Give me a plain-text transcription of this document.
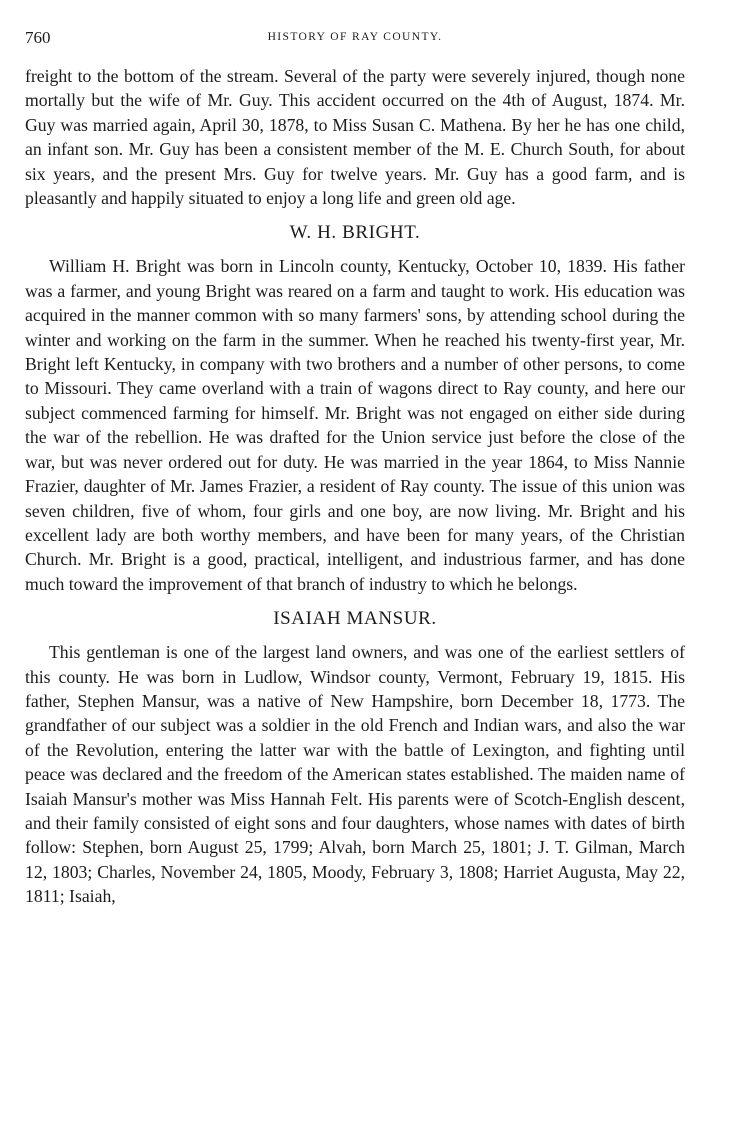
760	HISTORY OF RAY COUNTY.

freight to the bottom of the stream. Several of the party were severely injured, though none mortally but the wife of Mr. Guy. This accident occurred on the 4th of August, 1874. Mr. Guy was married again, April 30, 1878, to Miss Susan C. Mathena. By her he has one child, an infant son. Mr. Guy has been a consistent member of the M. E. Church South, for about six years, and the present Mrs. Guy for twelve years. Mr. Guy has a good farm, and is pleasantly and happily situated to enjoy a long life and green old age.

W. H. BRIGHT.

William H. Bright was born in Lincoln county, Kentucky, October 10, 1839. His father was a farmer, and young Bright was reared on a farm and taught to work. His education was acquired in the manner common with so many farmers' sons, by attending school during the winter and working on the farm in the summer. When he reached his twenty-first year, Mr. Bright left Kentucky, in company with two brothers and a number of other persons, to come to Missouri. They came overland with a train of wagons direct to Ray county, and here our subject commenced farming for himself. Mr. Bright was not engaged on either side during the war of the rebellion. He was drafted for the Union service just before the close of the war, but was never ordered out for duty. He was married in the year 1864, to Miss Nannie Frazier, daughter of Mr. James Frazier, a resident of Ray county. The issue of this union was seven children, five of whom, four girls and one boy, are now living. Mr. Bright and his excellent lady are both worthy members, and have been for many years, of the Christian Church. Mr. Bright is a good, practical, intelligent, and industrious farmer, and has done much toward the improvement of that branch of industry to which he belongs.

ISAIAH MANSUR.

This gentleman is one of the largest land owners, and was one of the earliest settlers of this county. He was born in Ludlow, Windsor county, Vermont, February 19, 1815. His father, Stephen Mansur, was a native of New Hampshire, born December 18, 1773. The grandfather of our subject was a soldier in the old French and Indian wars, and also the war of the Revolution, entering the latter war with the battle of Lexington, and fighting until peace was declared and the freedom of the American states established. The maiden name of Isaiah Mansur's mother was Miss Hannah Felt. His parents were of Scotch-English descent, and their family consisted of eight sons and four daughters, whose names with dates of birth follow: Stephen, born August 25, 1799; Alvah, born March 25, 1801; J. T. Gilman, March 12, 1803; Charles, November 24, 1805, Moody, February 3, 1808; Harriet Augusta, May 22, 1811; Isaiah,
